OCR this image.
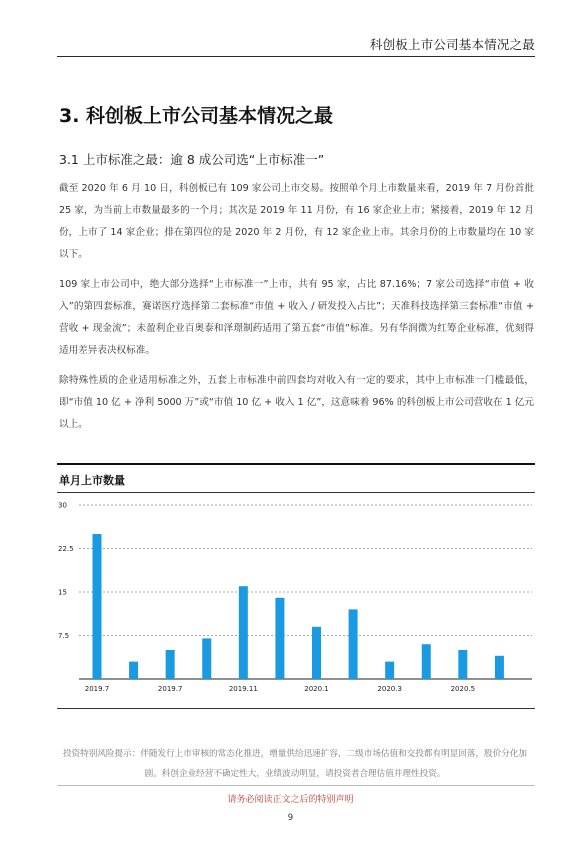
科创板上市公司基本情况之最
3. 科创板上市公司基本情况之最
3.1 上市标准之最：逾 8 成公司选“上市标准一”

截至 2020 年 6 月 10 日，科创板已有 109 家公司上市交易。按照单个月上市数量来看，2019 年 7 月份首批 25 家，为当前上市数量最多的一个月；其次是 2019 年 11 月份，有 16 家企业上市；紧接着，2019 年 12 月份，上市了 14 家企业；排在第四位的是 2020 年 2 月份，有 12 家企业上市。其余月份的上市数量均在 10 家以下。

109 家上市公司中，绝大部分选择“上市标准一”上市，共有 95 家，占比 87.16%；7 家公司选择“市值 + 收入”的第四套标准，赛诺医疗选择第二套标准“市值 + 收入 / 研发投入占比”；天准科技选择第三套标准“市值 + 营收 + 现金流”；未盈利企业百奥泰和泽璟制药适用了第五套“市值”标准。另有华润微为红筹企业标准，优刻得适用差异表决权标准。

除特殊性质的企业适用标准之外，五套上市标准中前四套均对收入有一定的要求，其中上市标准一门槛最低，即“市值 10 亿 + 净利 5000 万”或“市值 10 亿 + 收入 1 亿”，这意味着 96% 的科创板上市公司营收在 1 亿元以上。

单月上市数量
7.5
15
22.5
30
2019.7	2019.7	2019.11	2020.1	2020.3	2020.5

投资特别风险提示：伴随发行上市审核的常态化推进，增量供给迅速扩容，二级市场估值和交投都有明显回落，股价分化加剧。科创企业经营不确定性大，业绩波动明显，请投资者合理估值并理性投资。

请务必阅读正文之后的特别声明
9
